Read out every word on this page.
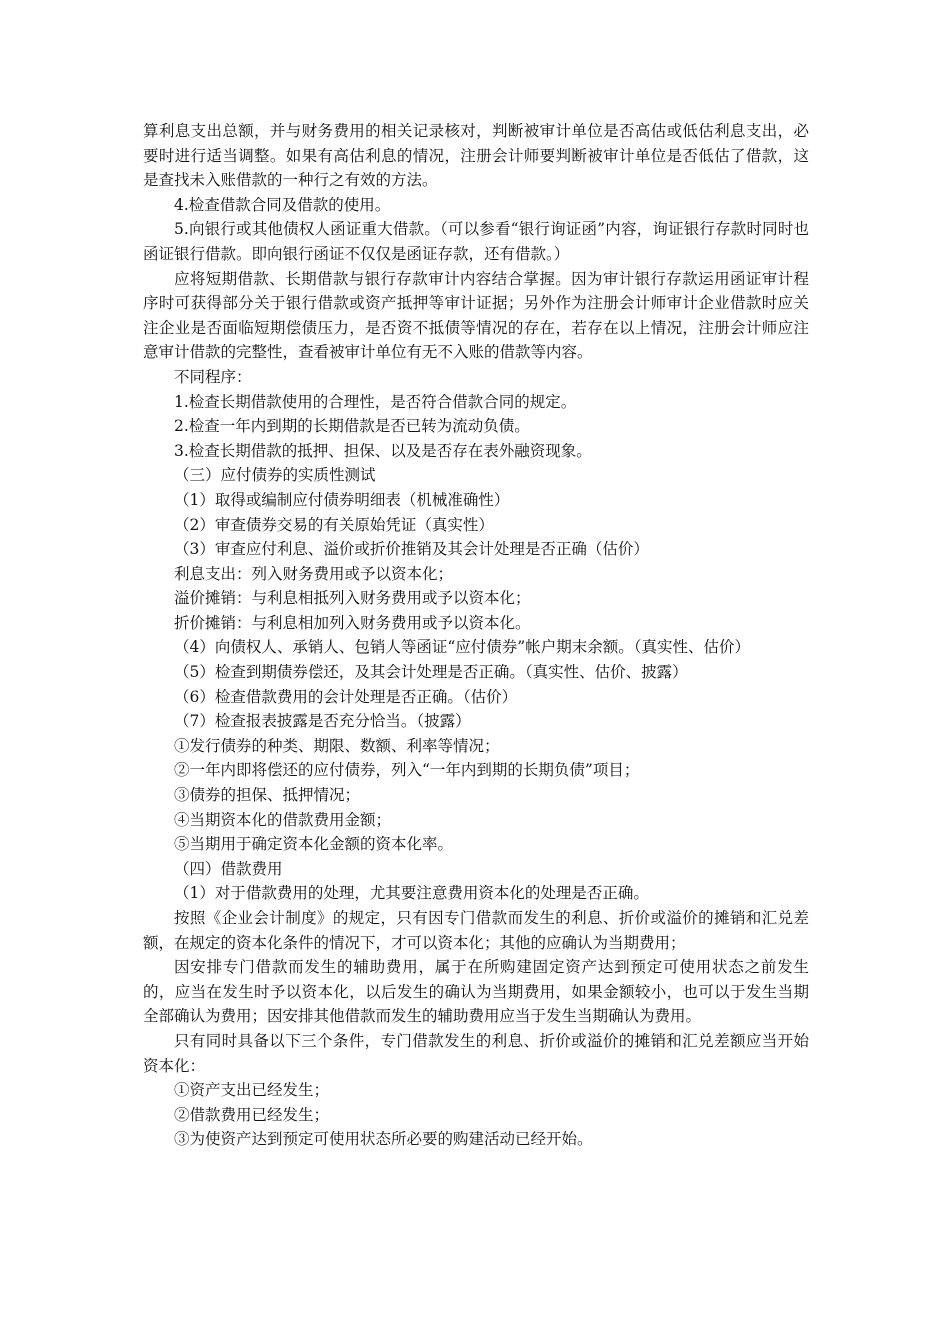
算利息支出总额，并与财务费用的相关记录核对，判断被审计单位是否高估或低估利息支出，必要时进行适当调整。如果有高估利息的情况，注册会计师要判断被审计单位是否低估了借款，这是查找未入账借款的一种行之有效的方法。

4.检查借款合同及借款的使用。

5.向银行或其他债权人函证重大借款。（可以参看“银行询证函”内容，询证银行存款时同时也函证银行借款。即向银行函证不仅仅是函证存款，还有借款。）

应将短期借款、长期借款与银行存款审计内容结合掌握。因为审计银行存款运用函证审计程序时可获得部分关于银行借款或资产抵押等审计证据；另外作为注册会计师审计企业借款时应关注企业是否面临短期偿债压力，是否资不抵债等情况的存在，若存在以上情况，注册会计师应注意审计借款的完整性，查看被审计单位有无不入账的借款等内容。

不同程序：

1.检查长期借款使用的合理性，是否符合借款合同的规定。

2.检查一年内到期的长期借款是否已转为流动负债。

3.检查长期借款的抵押、担保、以及是否存在表外融资现象。

（三）应付债券的实质性测试

（1）取得或编制应付债券明细表（机械准确性）

（2）审查债券交易的有关原始凭证（真实性）

（3）审查应付利息、溢价或折价推销及其会计处理是否正确（估价）

利息支出：列入财务费用或予以资本化；

溢价摊销：与利息相抵列入财务费用或予以资本化；

折价摊销：与利息相加列入财务费用或予以资本化。

（4）向债权人、承销人、包销人等函证“应付债券”帐户期末余额。（真实性、估价）

（5）检查到期债券偿还，及其会计处理是否正确。（真实性、估价、披露）

（6）检查借款费用的会计处理是否正确。（估价）

（7）检查报表披露是否充分恰当。（披露）

①发行债券的种类、期限、数额、利率等情况；

②一年内即将偿还的应付债券，列入“一年内到期的长期负债”项目；

③债券的担保、抵押情况；

④当期资本化的借款费用金额；

⑤当期用于确定资本化金额的资本化率。

（四）借款费用

（1）对于借款费用的处理，尤其要注意费用资本化的处理是否正确。

按照《企业会计制度》的规定，只有因专门借款而发生的利息、折价或溢价的摊销和汇兑差额，在规定的资本化条件的情况下，才可以资本化；其他的应确认为当期费用；

因安排专门借款而发生的辅助费用，属于在所购建固定资产达到预定可使用状态之前发生的，应当在发生时予以资本化，以后发生的确认为当期费用，如果金额较小，也可以于发生当期全部确认为费用；因安排其他借款而发生的辅助费用应当于发生当期确认为费用。

只有同时具备以下三个条件，专门借款发生的利息、折价或溢价的摊销和汇兑差额应当开始资本化：

①资产支出已经发生；

②借款费用已经发生；

③为使资产达到预定可使用状态所必要的购建活动已经开始。
